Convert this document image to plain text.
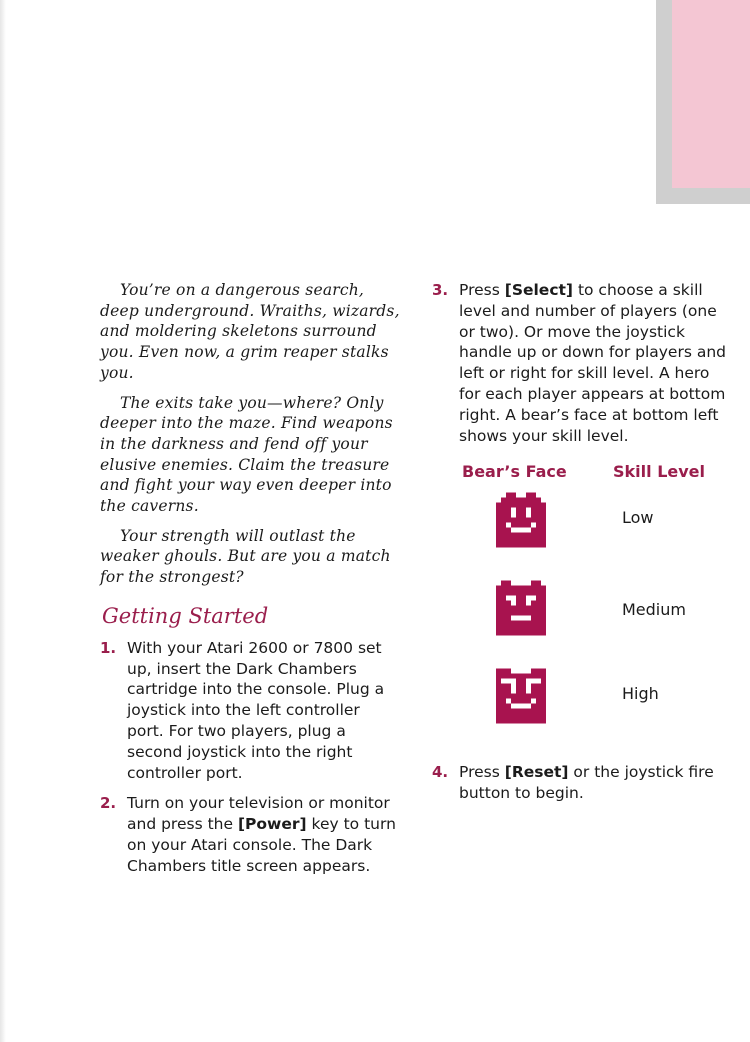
You’re on a dangerous search, deep underground. Wraiths, wizards, and moldering skeletons surround you. Even now, a grim reaper stalks you.

The exits take you—where? Only deeper into the maze. Find weapons in the darkness and fend off your elusive enemies. Claim the treasure and fight your way even deeper into the caverns.

Your strength will outlast the weaker ghouls. But are you a match for the strongest?

Getting Started
1. With your Atari 2600 or 7800 set up, insert the Dark Chambers cartridge into the console. Plug a joystick into the left controller port. For two players, plug a second joystick into the right controller port.
2. Turn on your television or monitor and press the [Power] key to turn on your Atari console. The Dark Chambers title screen appears.
3. Press [Select] to choose a skill level and number of players (one or two). Or move the joystick handle up or down for players and left or right for skill level. A hero for each player appears at bottom right. A bear’s face at bottom left shows your skill level.
Bear’s Face	Skill Level
Low
Medium
High
4. Press [Reset] or the joystick fire button to begin.
